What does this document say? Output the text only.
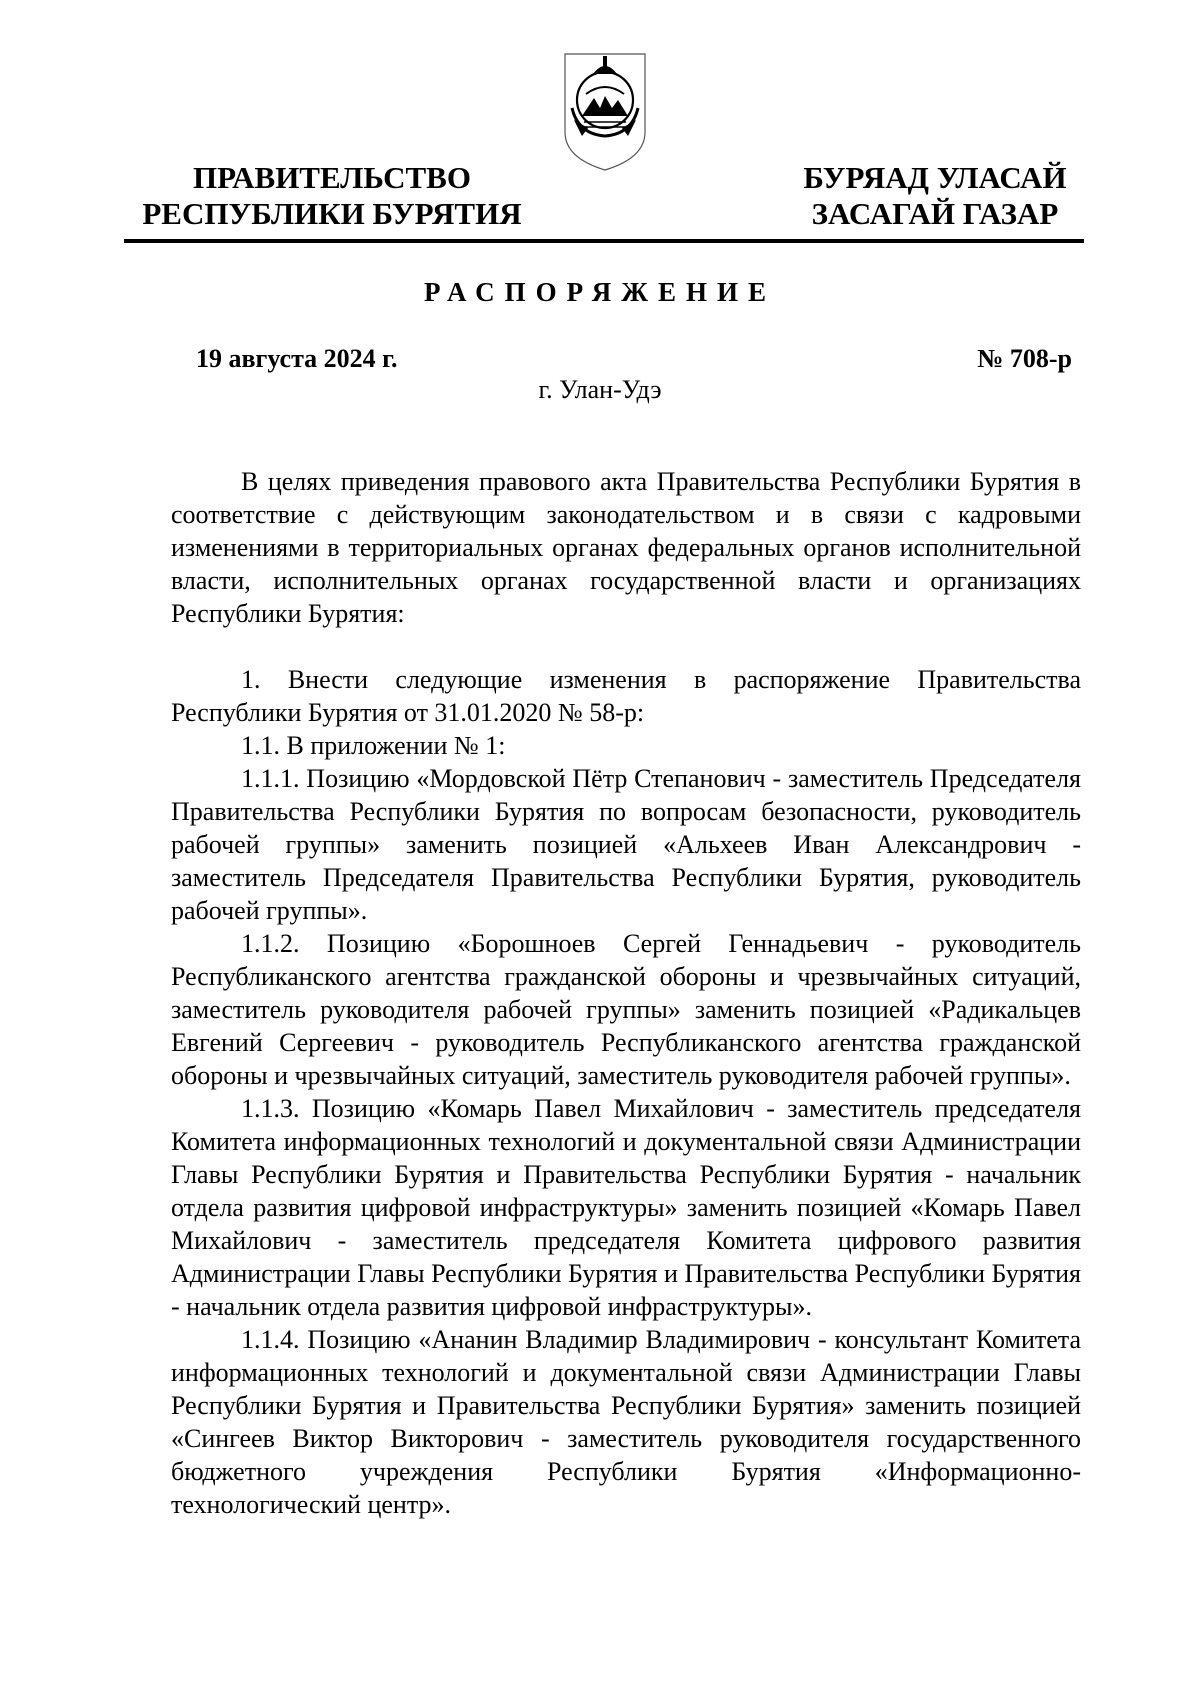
ПРАВИТЕЛЬСТВО
РЕСПУБЛИКИ БУРЯТИЯ
БУРЯАД УЛАСАЙ
ЗАСАГАЙ ГАЗАР
РАСПОРЯЖЕНИЕ
19 августа 2024 г.	№ 708-р
г. Улан-Удэ

В целях приведения правового акта Правительства Республики Бурятия в соответствие с действующим законодательством и в связи с кадровыми изменениями в территориальных органах федеральных органов исполнительной власти, исполнительных органах государственной власти и организациях Республики Бурятия:

1. Внести следующие изменения в распоряжение Правительства Республики Бурятия от 31.01.2020 № 58-р:

1.1. В приложении № 1:

1.1.1. Позицию «Мордовской Пётр Степанович - заместитель Председателя Правительства Республики Бурятия по вопросам безопасности, руководитель рабочей группы» заменить позицией «Альхеев Иван Александрович - заместитель Председателя Правительства Республики Бурятия, руководитель рабочей группы».

1.1.2. Позицию «Борошноев Сергей Геннадьевич - руководитель Республиканского агентства гражданской обороны и чрезвычайных ситуаций, заместитель руководителя рабочей группы» заменить позицией «Радикальцев Евгений Сергеевич - руководитель Республиканского агентства гражданской обороны и чрезвычайных ситуаций, заместитель руководителя рабочей группы».

1.1.3. Позицию «Комарь Павел Михайлович - заместитель председателя Комитета информационных технологий и документальной связи Администрации Главы Республики Бурятия и Правительства Республики Бурятия - начальник отдела развития цифровой инфраструктуры» заменить позицией «Комарь Павел Михайлович - заместитель председателя Комитета цифрового развития Администрации Главы Республики Бурятия и Правительства Республики Бурятия - начальник отдела развития цифровой инфраструктуры».

1.1.4. Позицию «Ананин Владимир Владимирович - консультант Комитета информационных технологий и документальной связи Администрации Главы Республики Бурятия и Правительства Республики Бурятия» заменить позицией «Сингеев Виктор Викторович - заместитель руководителя государственного бюджетного учреждения Республики Бурятия «Информационно-технологический центр».
